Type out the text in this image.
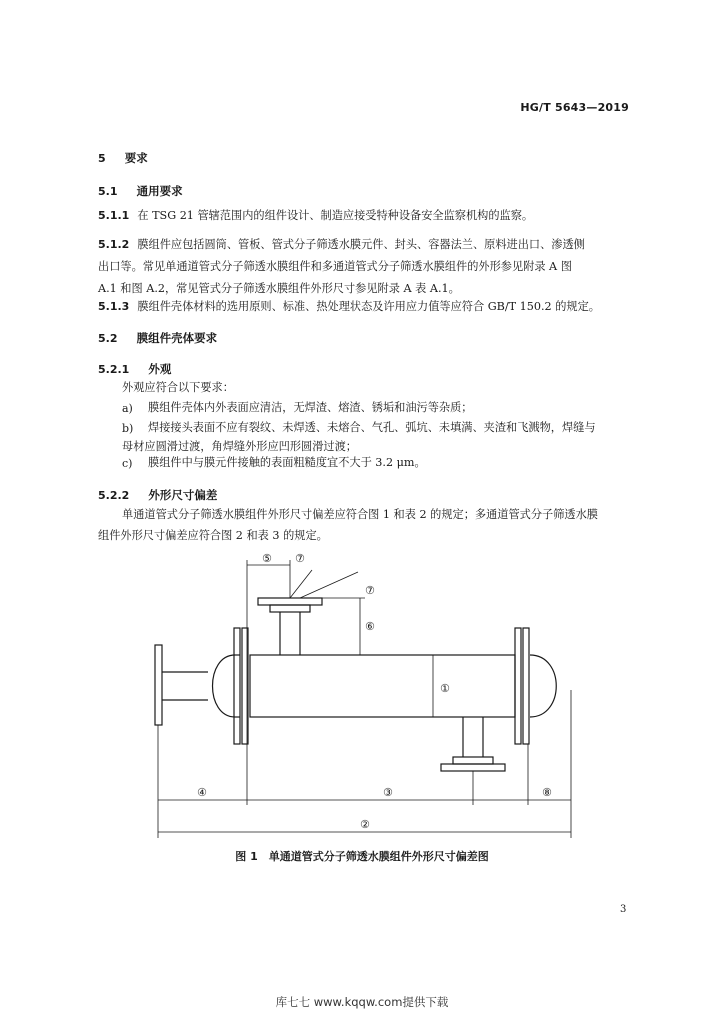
HG/T 5643—2019
5 要求
5.1 通用要求
5.1.1 在 TSG 21 管辖范围内的组件设计、制造应接受特种设备安全监察机构的监察。
5.1.2 膜组件应包括圆筒、管板、管式分子筛透水膜元件、封头、容器法兰、原料进出口、渗透侧
出口等。常见单通道管式分子筛透水膜组件和多通道管式分子筛透水膜组件的外形参见附录 A 图
A.1 和图 A.2，常见管式分子筛透水膜组件外形尺寸参见附录 A 表 A.1。
5.1.3 膜组件壳体材料的选用原则、标准、热处理状态及许用应力值等应符合 GB/T 150.2 的规定。
5.2 膜组件壳体要求
5.2.1 外观
外观应符合以下要求：
a) 膜组件壳体内外表面应清洁，无焊渣、熔渣、锈垢和油污等杂质；
b) 焊接接头表面不应有裂纹、未焊透、未熔合、气孔、弧坑、未填满、夹渣和飞溅物，焊缝与
母材应圆滑过渡，角焊缝外形应凹形圆滑过渡；
c) 膜组件中与膜元件接触的表面粗糙度宜不大于 3.2 μm。
5.2.2 外形尺寸偏差
单通道管式分子筛透水膜组件外形尺寸偏差应符合图 1 和表 2 的规定；多通道管式分子筛透水膜
组件外形尺寸偏差应符合图 2 和表 3 的规定。
⑤ ⑦
⑦
⑥
①
④	③	⑧
②
图 1　单通道管式分子筛透水膜组件外形尺寸偏差图
3
库七七 www.kqqw.com提供下载
